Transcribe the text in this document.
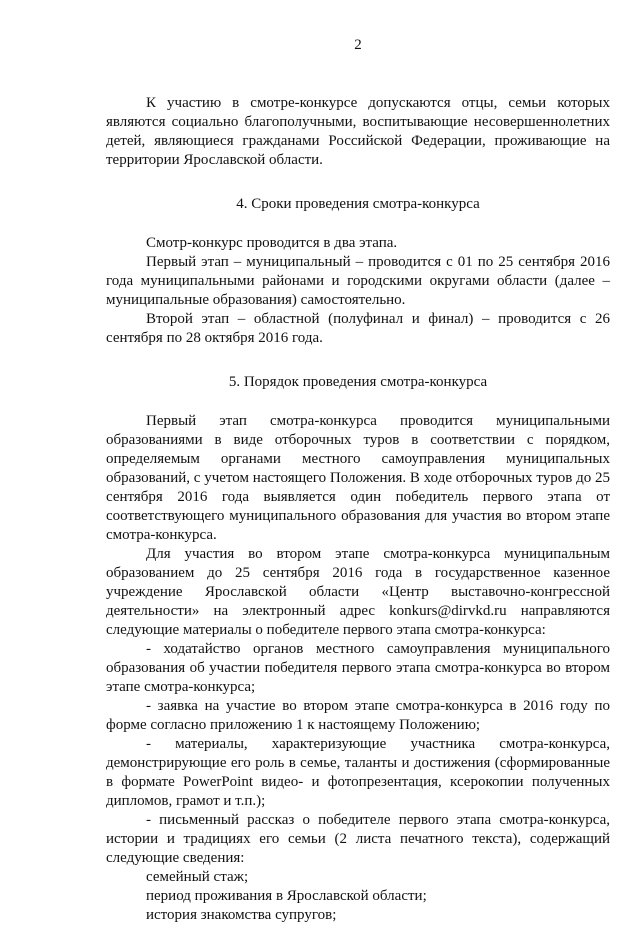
2

К участию в смотре-конкурсе допускаются отцы, семьи которых являются социально благополучными, воспитывающие несовершеннолетних детей, являющиеся гражданами Российской Федерации, проживающие на территории Ярославской области.

4. Сроки проведения смотра-конкурса

Смотр-конкурс проводится в два этапа.

Первый этап – муниципальный – проводится с 01 по 25 сентября 2016 года муниципальными районами и городскими округами области (далее – муниципальные образования) самостоятельно.

Второй этап – областной (полуфинал и финал) – проводится с 26 сентября по 28 октября 2016 года.

5. Порядок проведения смотра-конкурса

Первый этап смотра-конкурса проводится муниципальными образованиями в виде отборочных туров в соответствии с порядком, определяемым органами местного самоуправления муниципальных образований, с учетом настоящего Положения. В ходе отборочных туров до 25 сентября 2016 года выявляется один победитель первого этапа от соответствующего муниципального образования для участия во втором этапе смотра-конкурса.

Для участия во втором этапе смотра-конкурса муниципальным образованием до 25 сентября 2016 года в государственное казенное учреждение Ярославской области «Центр выставочно-конгрессной деятельности» на электронный адрес konkurs@dirvkd.ru направляются следующие материалы о победителе первого этапа смотра-конкурса:

- ходатайство органов местного самоуправления муниципального образования об участии победителя первого этапа смотра-конкурса во втором этапе смотра-конкурса;

- заявка на участие во втором этапе смотра-конкурса в 2016 году по форме согласно приложению 1 к настоящему Положению;

- материалы, характеризующие участника смотра-конкурса, демонстрирующие его роль в семье, таланты и достижения (сформированные в формате PowerPoint видео- и фотопрезентация, ксерокопии полученных дипломов, грамот и т.п.);

- письменный рассказ о победителе первого этапа смотра-конкурса, истории и традициях его семьи (2 листа печатного текста), содержащий следующие сведения:

семейный стаж;

период проживания в Ярославской области;

история знакомства супругов;
